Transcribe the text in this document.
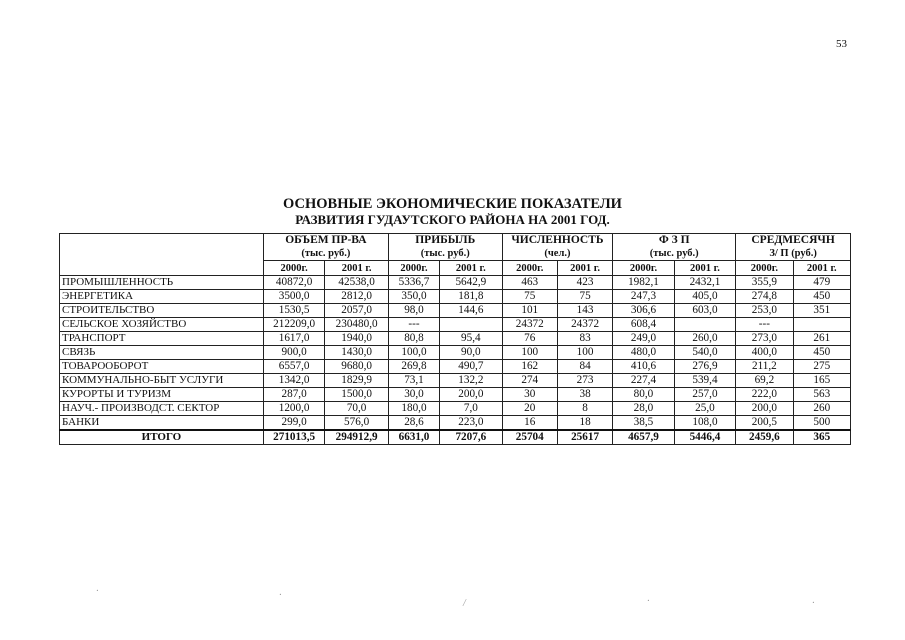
53
ОСНОВНЫЕ ЭКОНОМИЧЕСКИЕ ПОКАЗАТЕЛИ
РАЗВИТИЯ ГУДАУТСКОГО РАЙОНА НА 2001 ГОД.
	ОБЪЕМ ПР-ВА
(тыс. руб.)		ПРИБЫЛЬ
(тыс. руб.)		ЧИСЛЕННОСТЬ
(чел.)		Ф З П
(тыс. руб.)		СРЕДМЕСЯЧН
З/ П (руб.)	

	2000г.	2001 г.	2000г.	2001 г.	2000г.	2001 г.	2000г.	2001 г.	2000г.	2001 г.
ПРОМЫШЛЕННОСТЬ	40872,0	42538,0	5336,7	5642,9	463	423	1982,1	2432,1	355,9	479
ЭНЕРГЕТИКА	3500,0	2812,0	350,0	181,8	75	75	247,3	405,0	274,8	450
СТРОИТЕЛЬСТВО	1530,5	2057,0	98,0	144,6	101	143	306,6	603,0	253,0	351
СЕЛЬСКОЕ ХОЗЯЙСТВО	212209,0	230480,0	---		24372	24372	608,4		---	
ТРАНСПОРТ	1617,0	1940,0	80,8	95,4	76	83	249,0	260,0	273,0	261
СВЯЗЬ	900,0	1430,0	100,0	90,0	100	100	480,0	540,0	400,0	450
ТОВАРООБОРОТ	6557,0	9680,0	269,8	490,7	162	84	410,6	276,9	211,2	275
КОММУНАЛЬНО-БЫТ УСЛУГИ	1342,0	1829,9	73,1	132,2	274	273	227,4	539,4	69,2	165
КУРОРТЫ И ТУРИЗМ	287,0	1500,0	30,0	200,0	30	38	80,0	257,0	222,0	563
НАУЧ.- ПРОИЗВОДСТ. СЕКТОР	1200,0	70,0	180,0	7,0	20	8	28,0	25,0	200,0	260
БАНКИ	299,0	576,0	28,6	223,0	16	18	38,5	108,0	200,5	500
ИТОГО	271013,5	294912,9	6631,0	7207,6	25704	25617	4657,9	5446,4	2459,6	365
·	·
/	·	·
